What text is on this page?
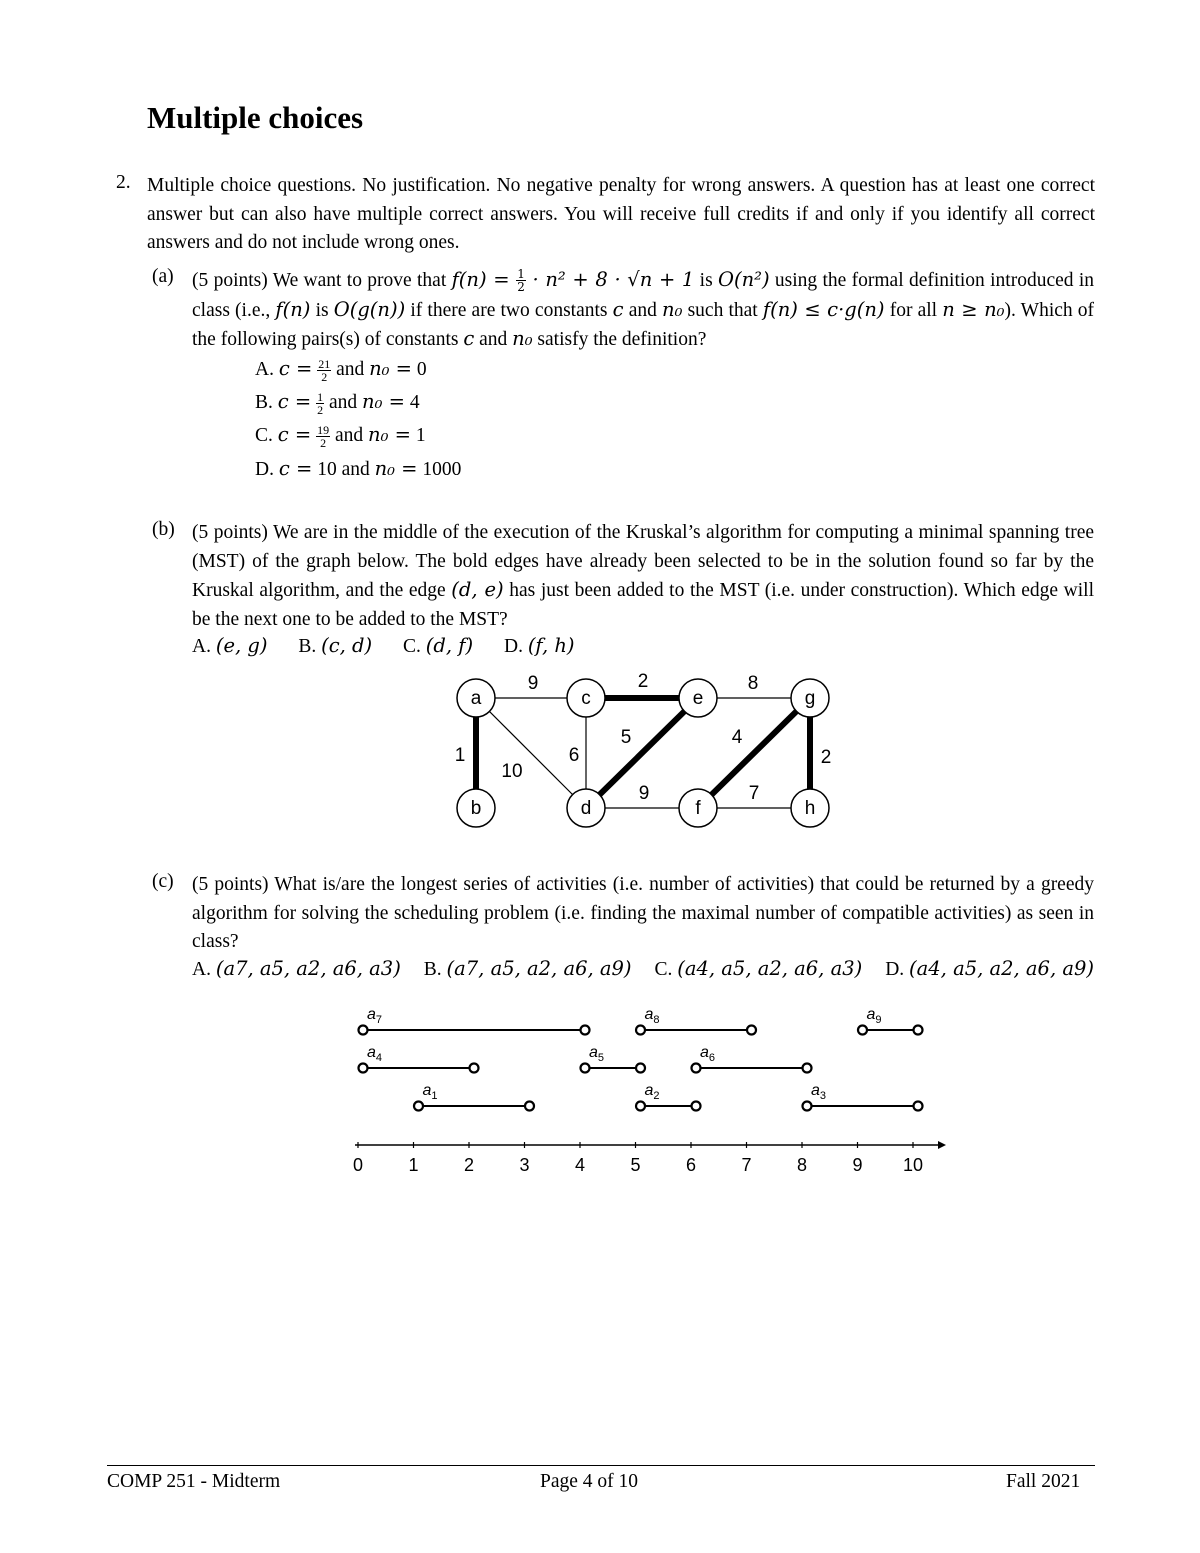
Multiple choices
2. Multiple choice questions. No justification. No negative penalty for wrong answers. A question has at least one correct answer but can also have multiple correct answers. You will receive full credits if and only if you identify all correct answers and do not include wrong ones.
(a) (5 points) We want to prove that $f(n) = \frac{1}{2} \cdot n^2 + 8 \cdot √n + 1$ is O(n²) using the formal definition introduced in class (i.e., f(n) is O(g(n)) if there are two constants c and n₀ such that f(n) ≤ c·g(n) for all n ≥ n₀). Which of the following pairs(s) of constants c and n₀ satisfy the definition?
A. $c = \frac{21}{2}$ and n₀ = 0
B. $c = \frac{1}{2}$ and n₀ = 4
C. $c = \frac{19}{2}$ and n₀ = 1
D. c = 10 and n₀ = 1000
(b) (5 points) We are in the middle of the execution of the Kruskal’s algorithm for computing a minimal spanning tree (MST) of the graph below. The bold edges have already been selected to be in the solution found so far by the Kruskal algorithm, and the edge (d, e) has just been added to the MST (i.e. under construction). Which edge will be the next one to be added to the MST?
A. (e, g) B. (c, d) C. (d, f) D. (f, h)
1
9
10
2
6
5
8
9
4
7
2
a
b
c
d
e
f
g
h
(c) (5 points) What is/are the longest series of activities (i.e. number of activities) that could be returned by a greedy algorithm for solving the scheduling problem (i.e. finding the maximal number of compatible activities) as seen in class?
A. (a7, a5, a2, a6, a3) B. (a7, a5, a2, a6, a9) C. (a4, a5, a2, a6, a3) D. (a4, a5, a2, a6, a9)
$a_7$	$a_8$	$a_9$
$a_4$	$a_5$	$a_6$
$a_1$	$a_2$	$a_3$
0	1	2	3	4	5	6	7	8	9 10
COMP 251 - Midterm	Page 4 of 10	Fall 2021
